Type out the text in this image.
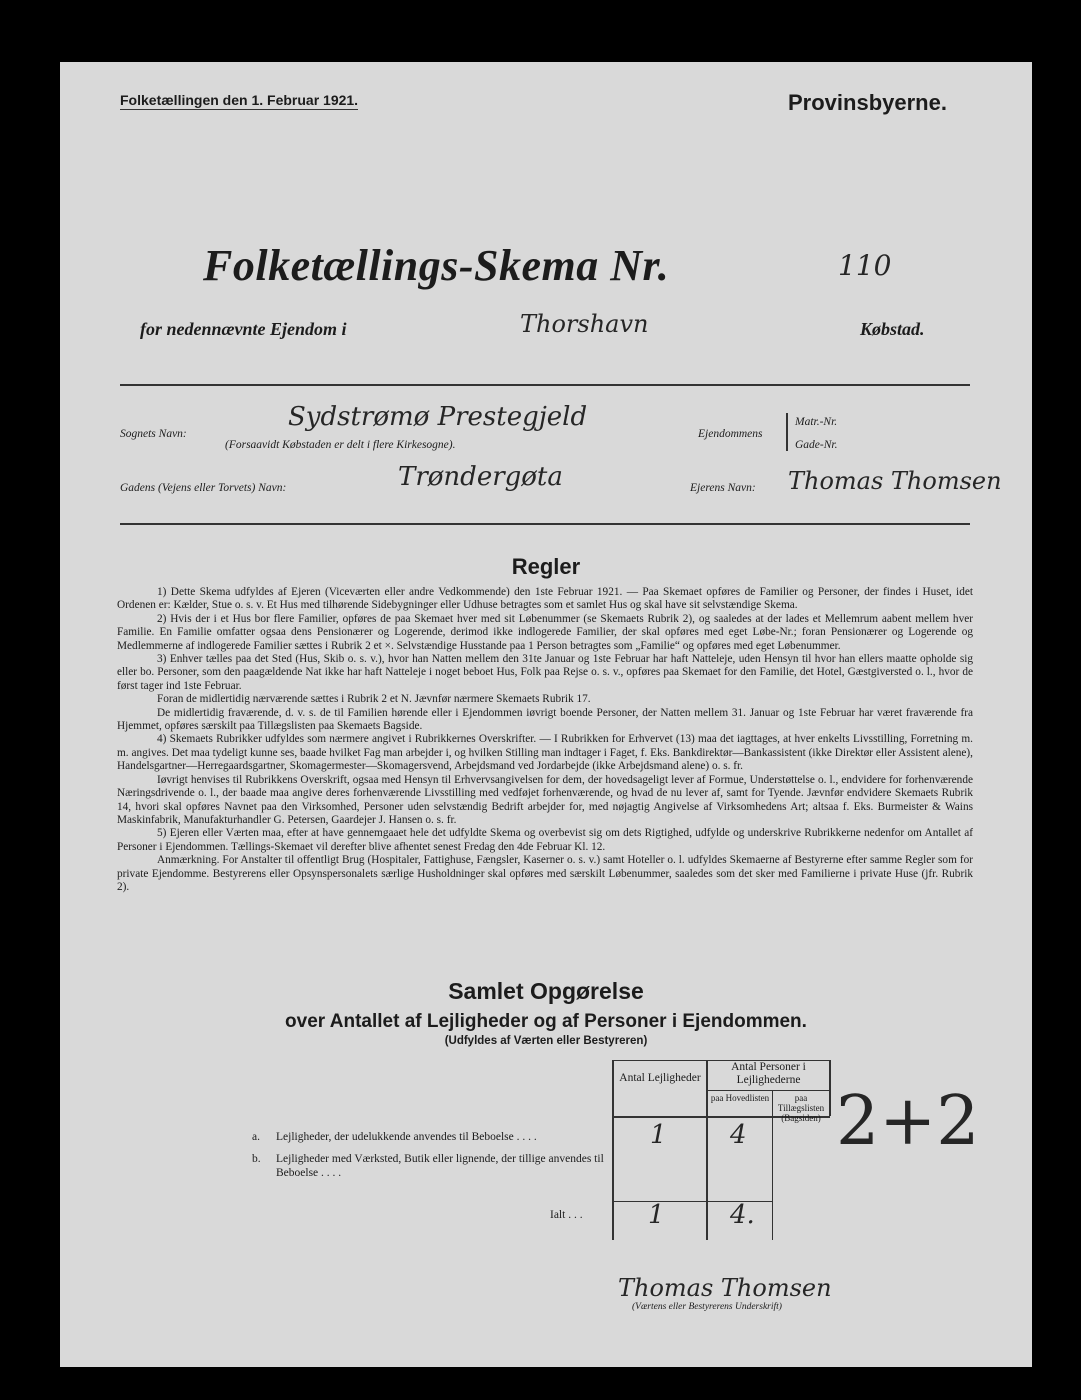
Folketællingen den 1. Februar 1921.	Provinsbyerne.
Folketællings-Skema Nr.	110
for nedennævnte Ejendom i	Thorshavn	Købstad.
Sognets Navn:
Sydstrømø Prestegjeld
(Forsaavidt Købstaden er delt i flere Kirkesogne).
Ejendommens
Matr.-Nr.
Gade-Nr.
Gadens (Vejens eller Torvets) Navn:	Trøndergøta	Ejerens Navn: Thomas Thomsen
Regler

1) Dette Skema udfyldes af Ejeren (Viceværten eller andre Vedkommende) den 1ste Februar 1921. — Paa Skemaet opføres de Familier og Personer, der findes i Huset, idet Ordenen er: Kælder, Stue o. s. v. Et Hus med tilhørende Sidebygninger eller Udhuse betragtes som et samlet Hus og skal have sit selvstændige Skema.

2) Hvis der i et Hus bor flere Familier, opføres de paa Skemaet hver med sit Løbenummer (se Skemaets Rubrik 2), og saaledes at der lades et Mellemrum aabent mellem hver Familie. En Familie omfatter ogsaa dens Pensionærer og Logerende, derimod ikke indlogerede Familier, der skal opføres med eget Løbe-Nr.; foran Pensionærer og Logerende og Medlemmerne af indlogerede Familier sættes i Rubrik 2 et ×. Selvstændige Husstande paa 1 Person betragtes som „Familie“ og opføres med eget Løbenummer.

3) Enhver tælles paa det Sted (Hus, Skib o. s. v.), hvor han Natten mellem den 31te Januar og 1ste Februar har haft Natteleje, uden Hensyn til hvor han ellers maatte opholde sig eller bo. Personer, som den paagældende Nat ikke har haft Natteleje i noget beboet Hus, Folk paa Rejse o. s. v., opføres paa Skemaet for den Familie, det Hotel, Gæstgiversted o. l., hvor de først tager ind 1ste Februar.

Foran de midlertidig nærværende sættes i Rubrik 2 et N. Jævnfør nærmere Skemaets Rubrik 17.

De midlertidig fraværende, d. v. s. de til Familien hørende eller i Ejendommen iøvrigt boende Personer, der Natten mellem 31. Januar og 1ste Februar har været fraværende fra Hjemmet, opføres særskilt paa Tillægslisten paa Skemaets Bagside.

4) Skemaets Rubrikker udfyldes som nærmere angivet i Rubrikkernes Overskrifter. — I Rubrikken for Erhvervet (13) maa det iagttages, at hver enkelts Livsstilling, Forretning m. m. angives. Det maa tydeligt kunne ses, baade hvilket Fag man arbejder i, og hvilken Stilling man indtager i Faget, f. Eks. Bankdirektør—Bankassistent (ikke Direktør eller Assistent alene), Handelsgartner—Herregaardsgartner, Skomagermester—Skomagersvend, Arbejdsmand ved Jordarbejde (ikke Arbejdsmand alene) o. s. fr.

Iøvrigt henvises til Rubrikkens Overskrift, ogsaa med Hensyn til Erhvervsangivelsen for dem, der hovedsageligt lever af Formue, Understøttelse o. l., endvidere for forhenværende Næringsdrivende o. l., der baade maa angive deres forhenværende Livsstilling med vedføjet forhenværende, og hvad de nu lever af, samt for Tyende. Jævnfør endvidere Skemaets Rubrik 14, hvori skal opføres Navnet paa den Virksomhed, Personer uden selvstændig Bedrift arbejder for, med nøjagtig Angivelse af Virksomhedens Art; altsaa f. Eks. Burmeister & Wains Maskinfabrik, Manufakturhandler G. Petersen, Gaardejer J. Hansen o. s. fr.

5) Ejeren eller Værten maa, efter at have gennemgaaet hele det udfyldte Skema og overbevist sig om dets Rigtighed, udfylde og underskrive Rubrikkerne nedenfor om Antallet af Personer i Ejendommen. Tællings-Skemaet vil derefter blive afhentet senest Fredag den 4de Februar Kl. 12.

Anmærkning. For Anstalter til offentligt Brug (Hospitaler, Fattighuse, Fængsler, Kaserner o. s. v.) samt Hoteller o. l. udfyldes Skemaerne af Bestyrerne efter samme Regler som for private Ejendomme. Bestyrerens eller Opsynspersonalets særlige Husholdninger skal opføres med særskilt Løbenummer, saaledes som det sker med Familierne i private Huse (jfr. Rubrik 2).

Samlet Opgørelse
over Antallet af Lejligheder og af Personer i Ejendommen.
(Udfyldes af Værten eller Bestyreren)
Antal Lejligheder
Antal Personer i Lejlighederne
paa Hovedlisten	paa Tillægslisten (Bagsiden)
a. Lejligheder, der udelukkende anvendes til Beboelse . . . .	1 4
b. Lejligheder med Værksted, Butik eller lignende, der tillige anvendes til Beboelse . . . .
Ialt . . .	1	4.
2+2
Thomas Thomsen
(Værtens eller Bestyrerens Underskrift)
